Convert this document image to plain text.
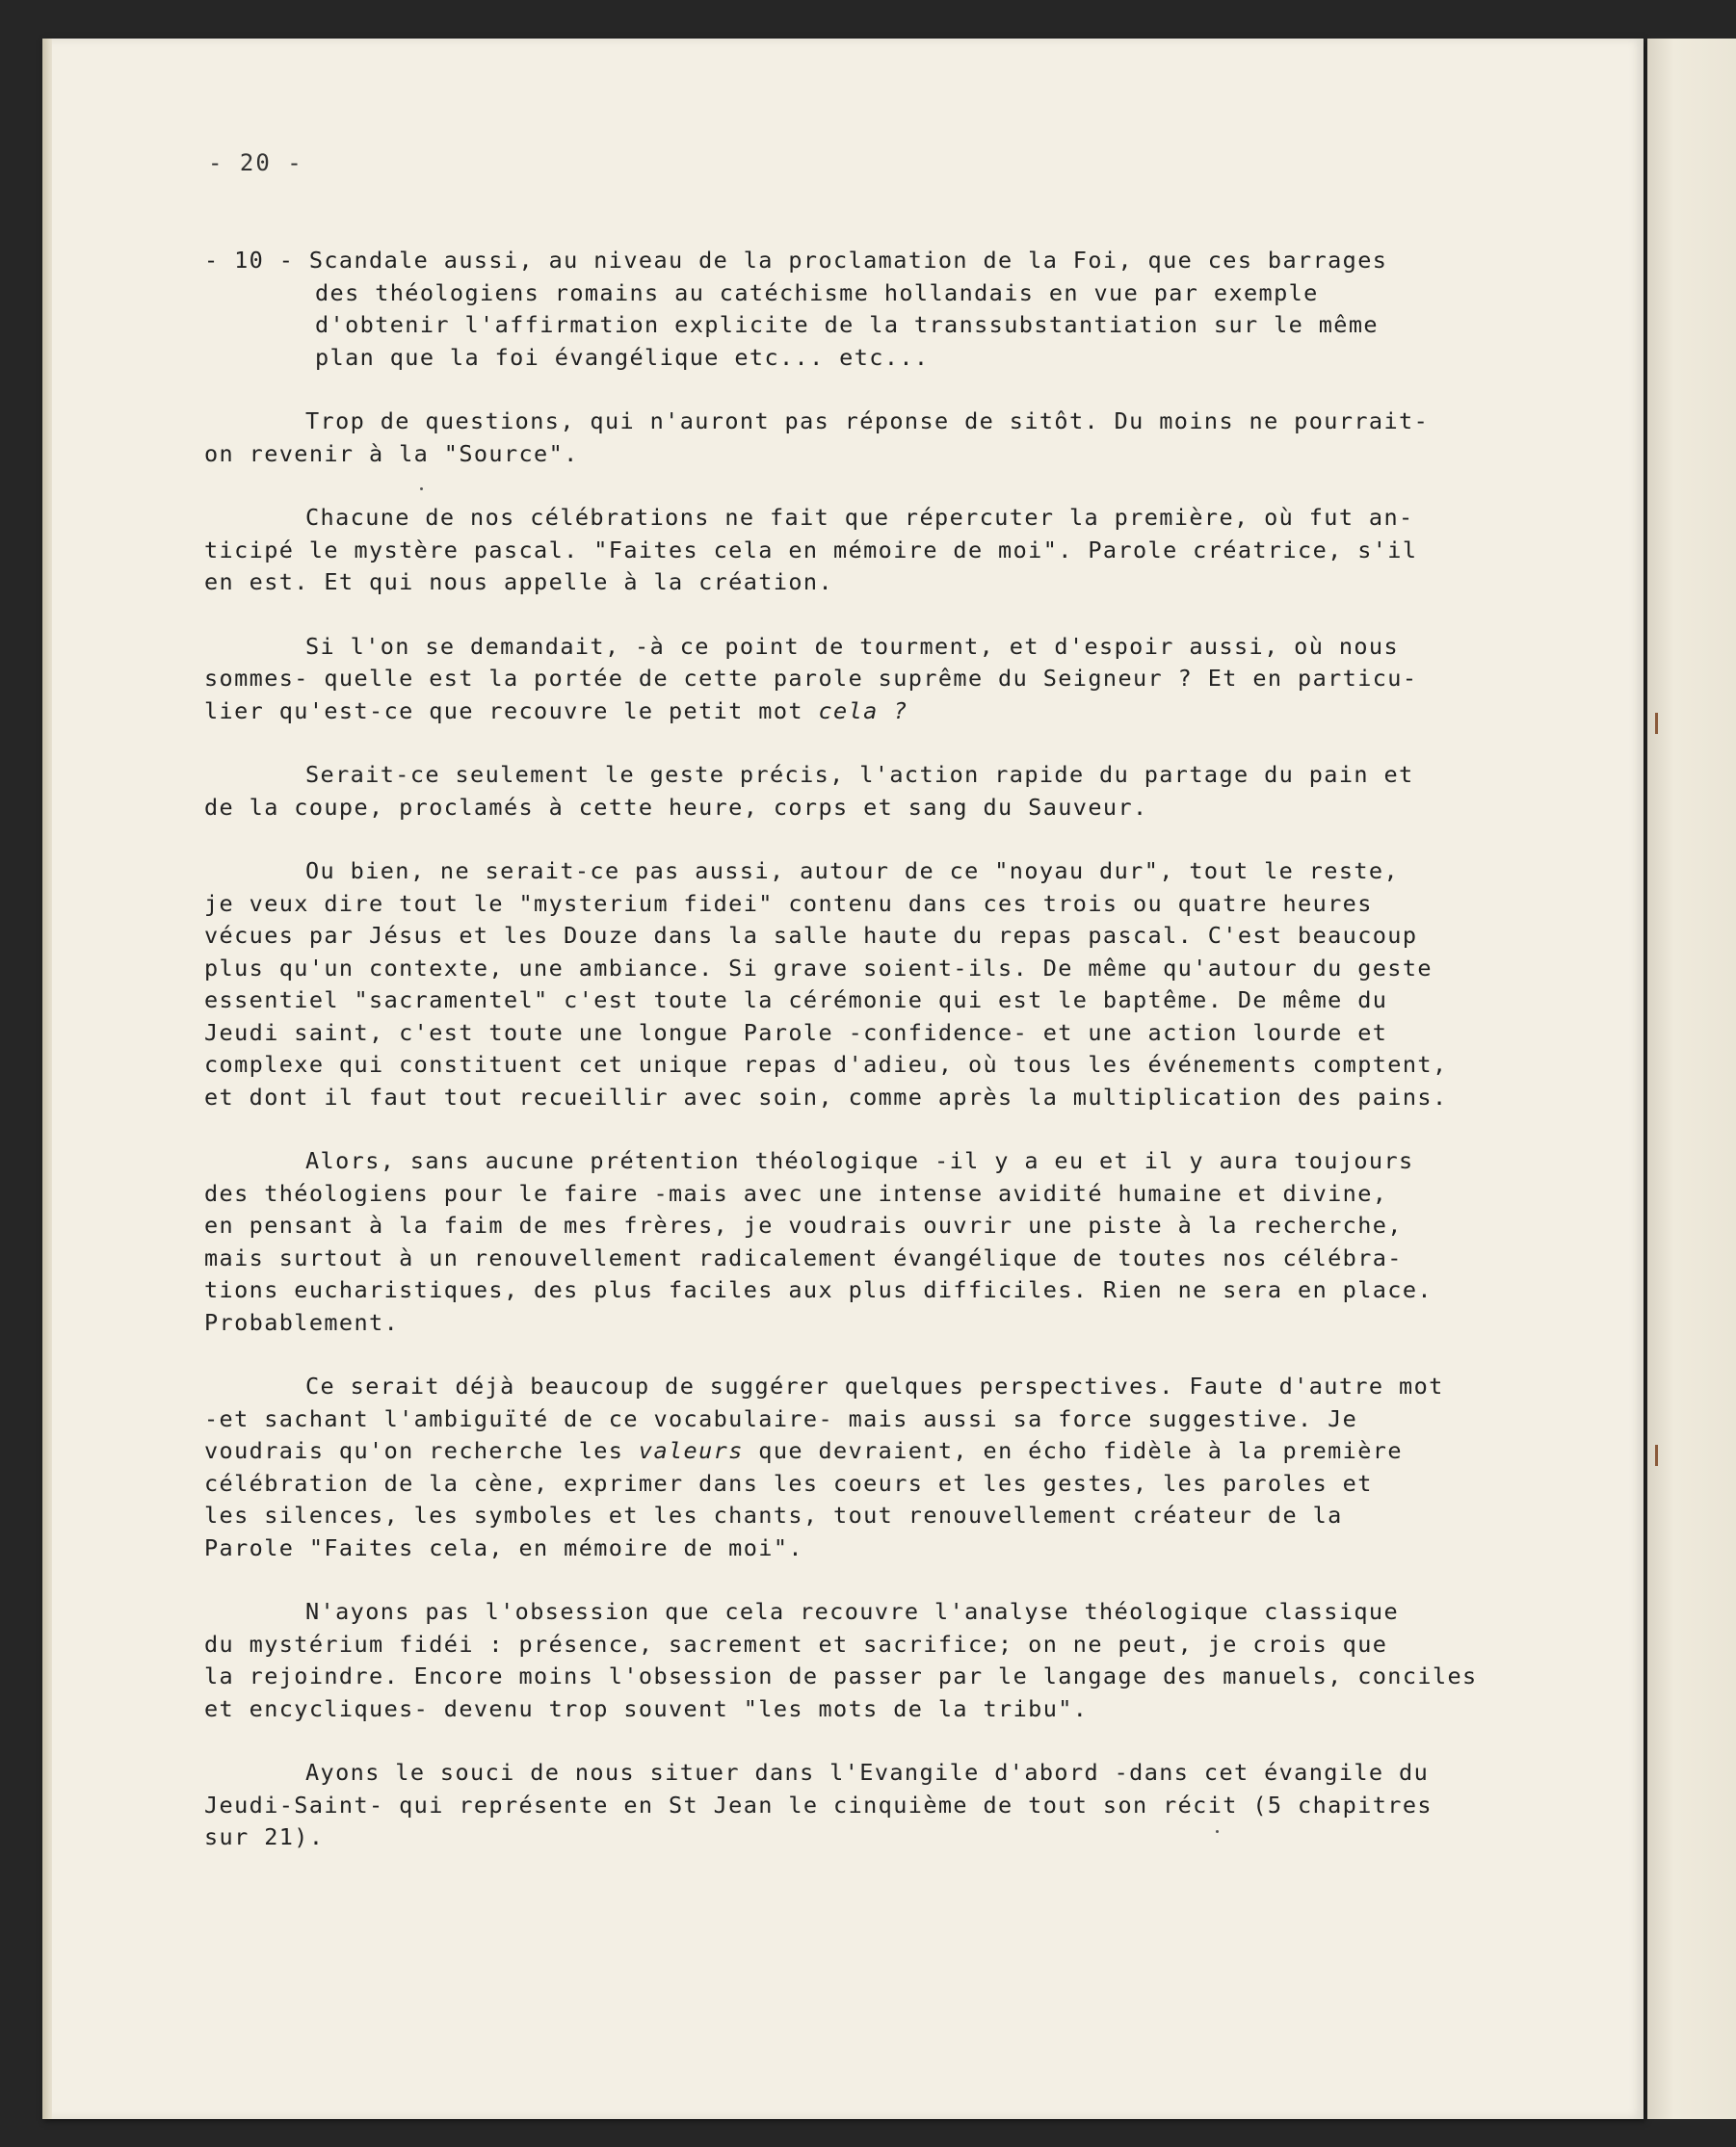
- 20 -
- 10 - Scandale aussi, au niveau de la proclamation de la Foi, que ces barrages
des théologiens romains au catéchisme hollandais en vue par exemple
d'obtenir l'affirmation explicite de la transsubstantiation sur le même
plan que la foi évangélique etc... etc...
Trop de questions, qui n'auront pas réponse de sitôt. Du moins ne pourrait-
on revenir à la "Source".
Chacune de nos célébrations ne fait que répercuter la première, où fut an-
ticipé le mystère pascal. "Faites cela en mémoire de moi". Parole créatrice, s'il
en est. Et qui nous appelle à la création.
Si l'on se demandait, -à ce point de tourment, et d'espoir aussi, où nous
sommes- quelle est la portée de cette parole suprême du Seigneur ? Et en particu-
lier qu'est-ce que recouvre le petit mot cela ?
Serait-ce seulement le geste précis, l'action rapide du partage du pain et
de la coupe, proclamés à cette heure, corps et sang du Sauveur.
Ou bien, ne serait-ce pas aussi, autour de ce "noyau dur", tout le reste,
je veux dire tout le "mysterium fidei" contenu dans ces trois ou quatre heures
vécues par Jésus et les Douze dans la salle haute du repas pascal. C'est beaucoup
plus qu'un contexte, une ambiance. Si grave soient-ils. De même qu'autour du geste
essentiel "sacramentel" c'est toute la cérémonie qui est le baptême. De même du
Jeudi saint, c'est toute une longue Parole -confidence- et une action lourde et
complexe qui constituent cet unique repas d'adieu, où tous les événements comptent,
et dont il faut tout recueillir avec soin, comme après la multiplication des pains.
Alors, sans aucune prétention théologique -il y a eu et il y aura toujours
des théologiens pour le faire -mais avec une intense avidité humaine et divine,
en pensant à la faim de mes frères, je voudrais ouvrir une piste à la recherche,
mais surtout à un renouvellement radicalement évangélique de toutes nos célébra-
tions eucharistiques, des plus faciles aux plus difficiles. Rien ne sera en place.
Probablement.
Ce serait déjà beaucoup de suggérer quelques perspectives. Faute d'autre mot
-et sachant l'ambiguïté de ce vocabulaire- mais aussi sa force suggestive. Je
voudrais qu'on recherche les valeurs que devraient, en écho fidèle à la première
célébration de la cène, exprimer dans les coeurs et les gestes, les paroles et
les silences, les symboles et les chants, tout renouvellement créateur de la
Parole "Faites cela, en mémoire de moi".
N'ayons pas l'obsession que cela recouvre l'analyse théologique classique
du mystérium fidéi : présence, sacrement et sacrifice; on ne peut, je crois que
la rejoindre. Encore moins l'obsession de passer par le langage des manuels, conciles
et encycliques- devenu trop souvent "les mots de la tribu".
Ayons le souci de nous situer dans l'Evangile d'abord -dans cet évangile du
Jeudi-Saint- qui représente en St Jean le cinquième de tout son récit (5 chapitres
sur 21).
